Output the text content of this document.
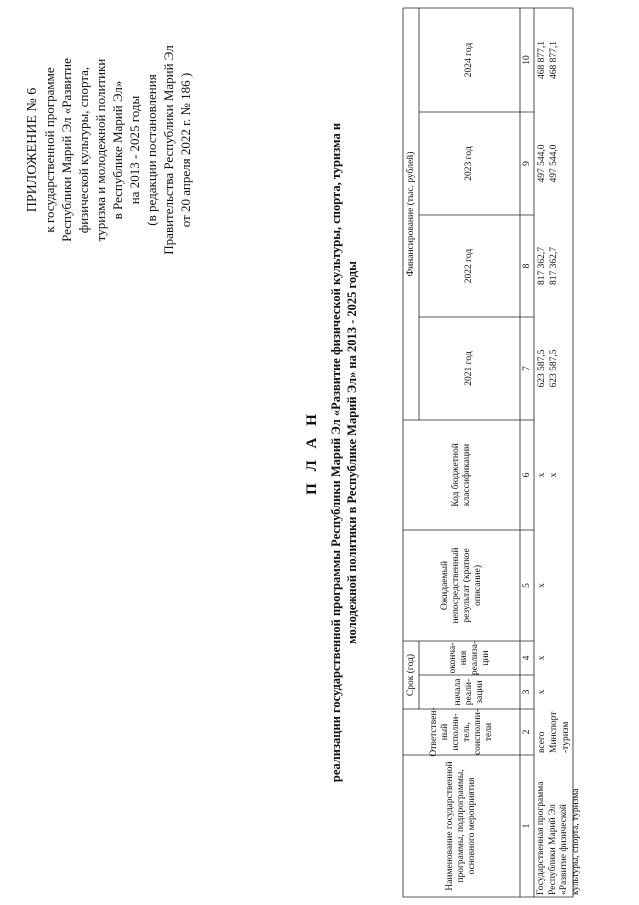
ПРИЛОЖЕНИЕ № 6 к государственной программе Республики Марий Эл «Развитие физической культуры, спорта, туризма и молодежной политики в Республике Марий Эл» на 2013 - 2025 годы (в редакции постановления Правительства Республики Марий Эл от 20 апреля 2022 г. № 186 )
П Л А Н реализации государственной программы Республики Марий Эл «Развитие физической культуры, спорта, туризма и молодежной политики в Республике Марий Эл» на 2013 - 2025 годы
Наименование государственной программы, подпрограммы, основного мероприятия
Ответствен-ный исполни-тель, соисполни-тели
Срок (год)	начала реали-зации
оконча-ния реализа-ции
Ожидаемый непосредственный результат (краткое описание)
Код бюджетной классификации
Финансирование (тыс. рублей)
2021 год
2022 год
2023 год
2024 год
1
2
3
4
5
6
7
8
9
10
Государственная программа Республики Марий Эл «Развитие физической культуры, спорта, туризма
всего
x
x
x
x
623 587,5
817 362,7
497 544,0
468 877,1
Минспорт-туризм
x
623 587,5
817 362,7
497 544,0
468 877,1
